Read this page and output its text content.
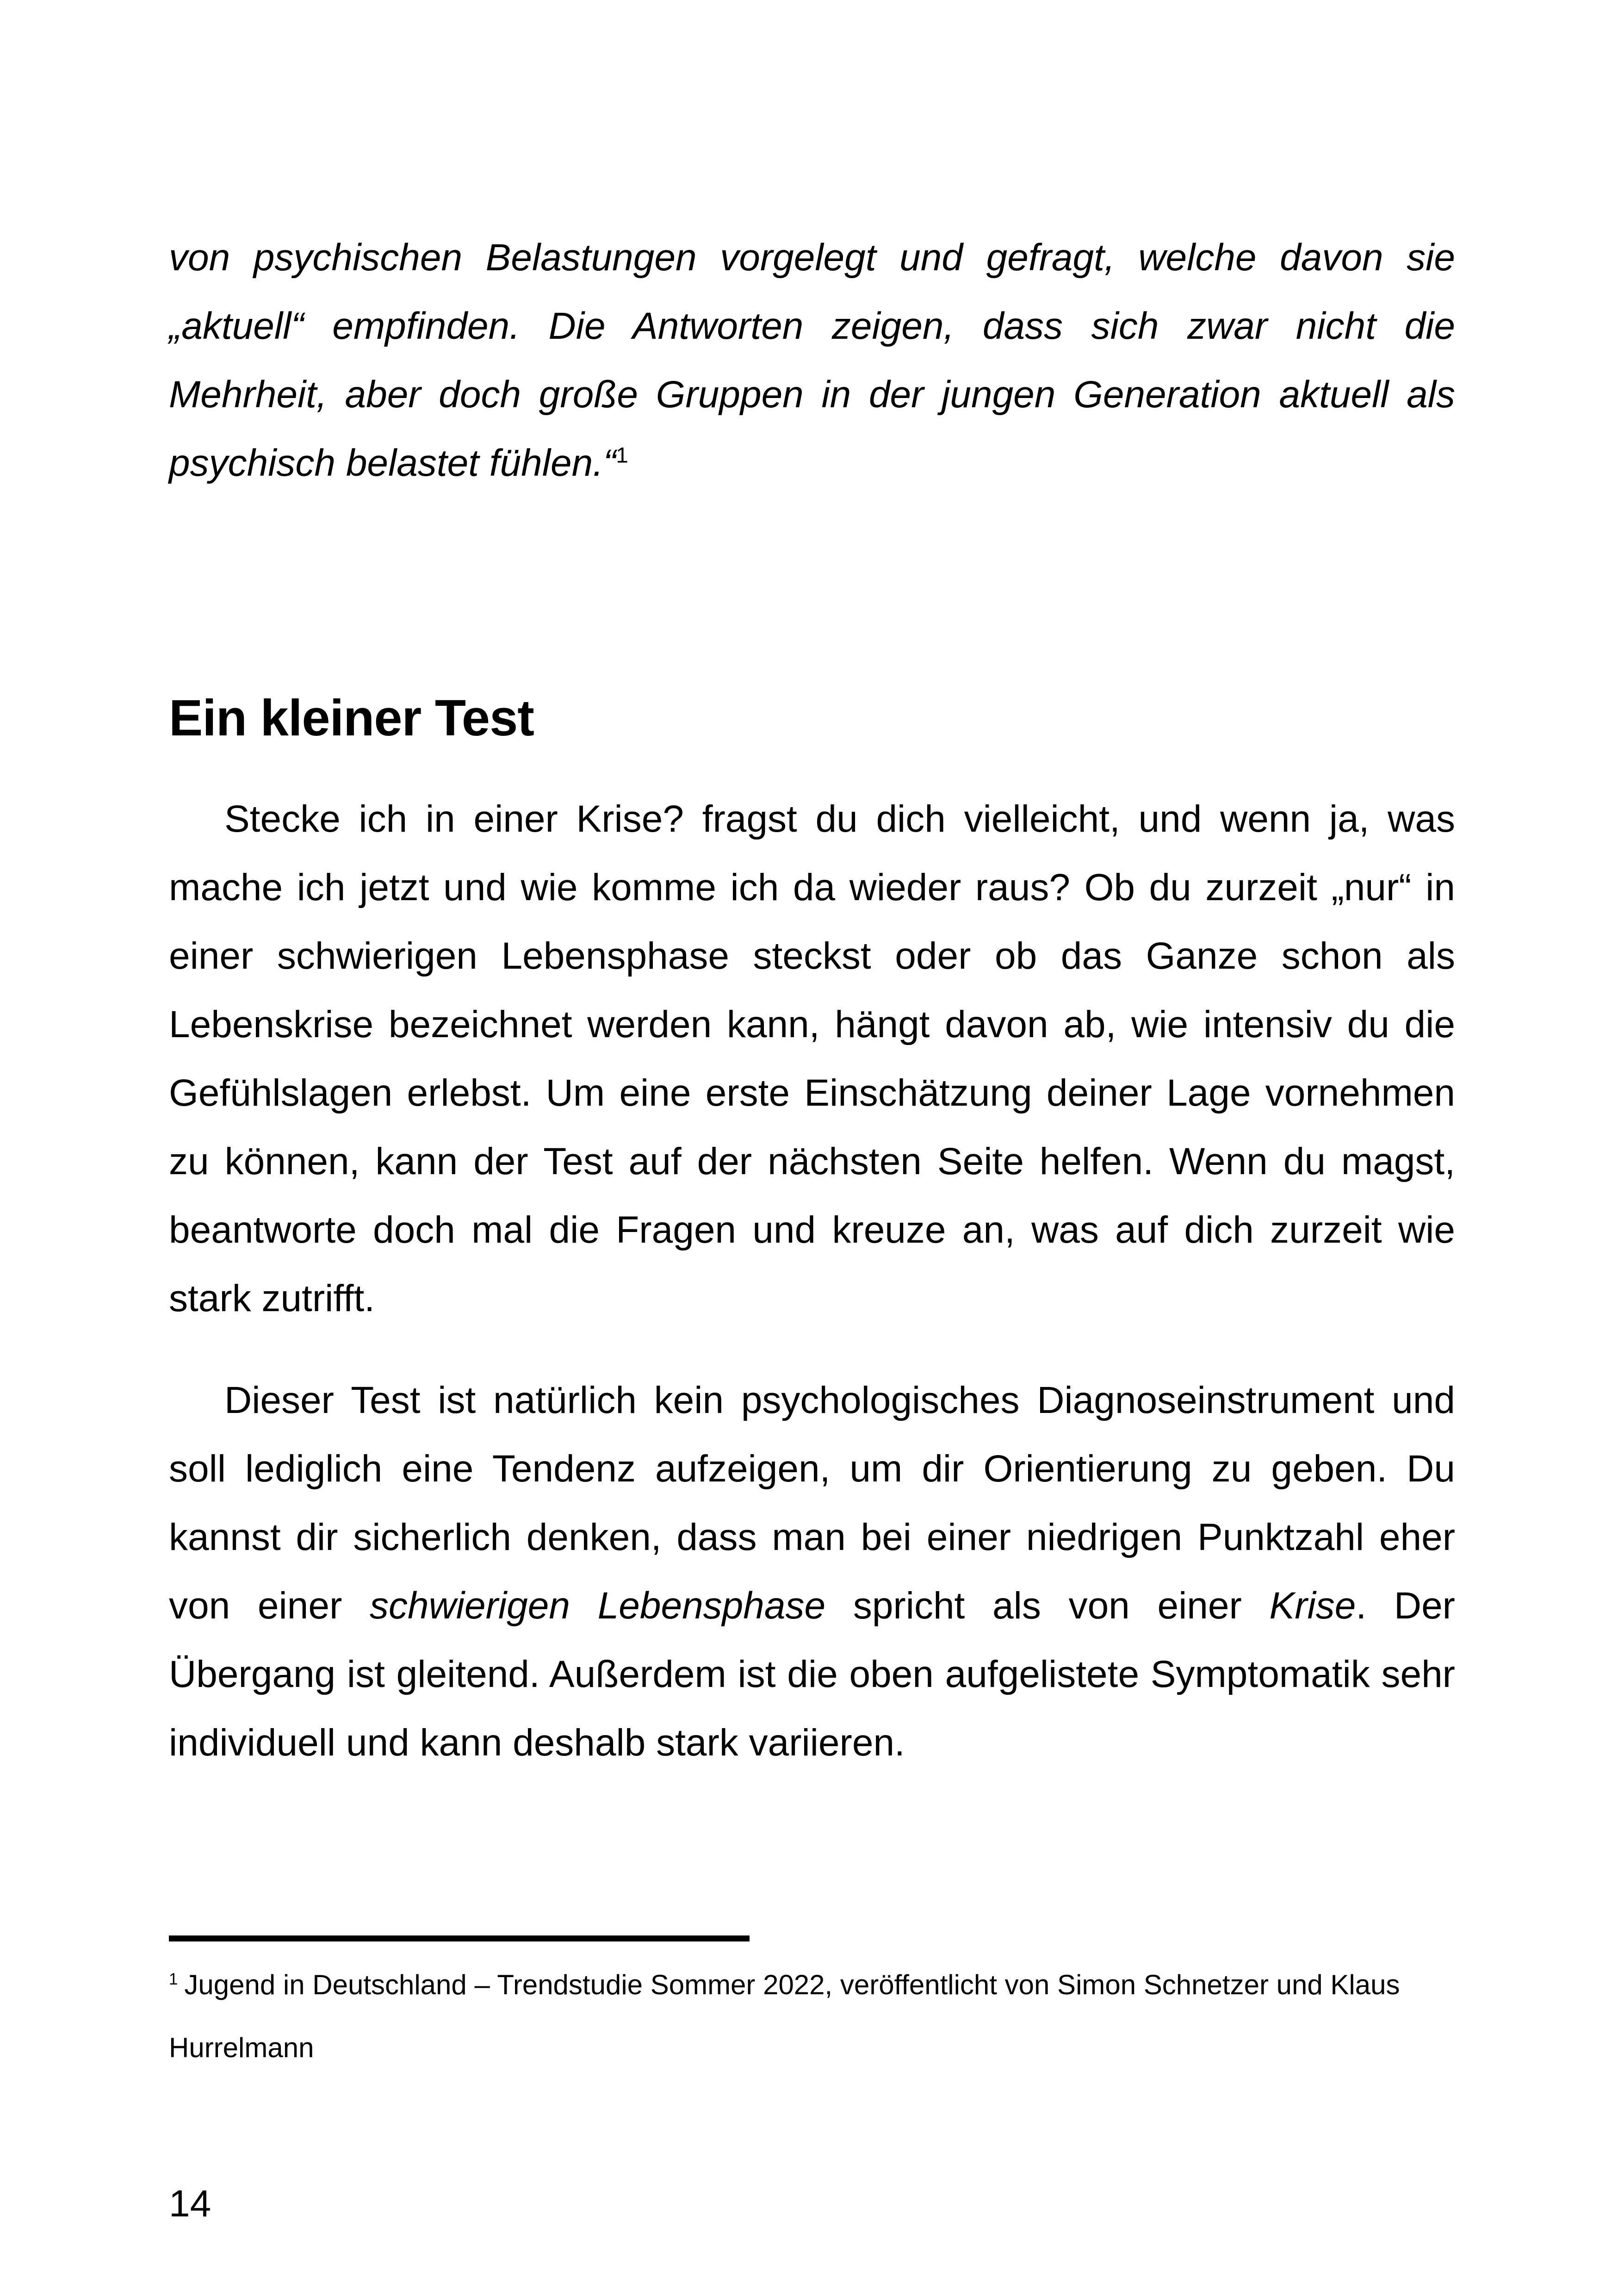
von psychischen Belastungen vorgelegt und gefragt, welche davon sie „aktuell“ empfinden. Die Antworten zeigen, dass sich zwar nicht die Mehrheit, aber doch große Gruppen in der jungen Generation aktuell als psychisch belastet fühlen.“$^1$

Ein kleiner Test

Stecke ich in einer Krise? fragst du dich vielleicht, und wenn ja, was mache ich jetzt und wie komme ich da wieder raus? Ob du zurzeit „nur“ in einer schwierigen Lebensphase steckst oder ob das Ganze schon als Lebenskrise bezeichnet werden kann, hängt davon ab, wie intensiv du die Gefühlslagen erlebst. Um eine erste Einschätzung deiner Lage vornehmen zu können, kann der Test auf der nächsten Seite helfen. Wenn du magst, beantworte doch mal die Fragen und kreuze an, was auf dich zurzeit wie stark zutrifft.

Dieser Test ist natürlich kein psychologisches Diagnoseinstrument und soll lediglich eine Tendenz aufzeigen, um dir Orientierung zu geben. Du kannst dir sicherlich denken, dass man bei einer niedrigen Punktzahl eher von einer schwierigen Lebensphase spricht als von einer Krise. Der Übergang ist gleitend. Außerdem ist die oben aufgelistete Symptomatik sehr individuell und kann deshalb stark variieren.

$^1$ Jugend in Deutschland – Trendstudie Sommer 2022, veröffentlicht von Simon Schnetzer und Klaus Hurrelmann
14
